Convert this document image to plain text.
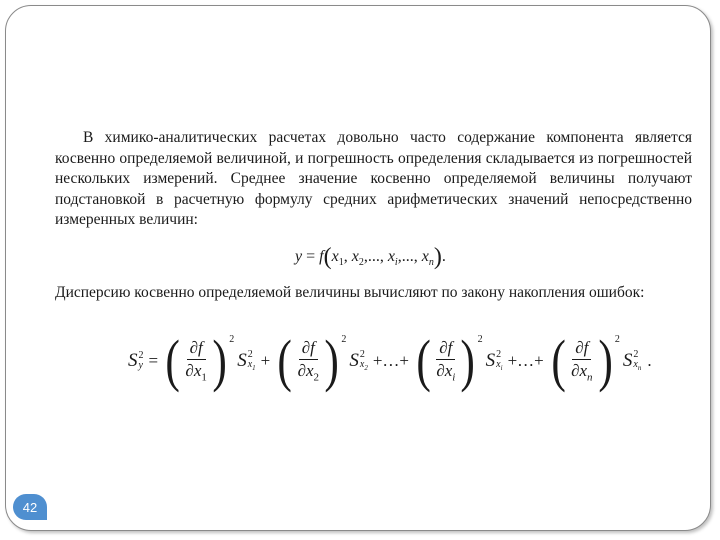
В химико-аналитических расчетах довольно часто содержание компонента является косвенно определяемой величиной, и погрешность определения складывается из погрешностей нескольких измерений. Среднее значение косвенно определяемой величины получают подстановкой в расчетную формулу средних арифметических значений непосредственно измеренных величин:

$y = f(x_1$, $x_2$,..., $x_i$,..., $x_n$).

Дисперсию косвенно определяемой величины вычисляют по закону накопления ошибок:

S 2
y = ( $\frac{\partial f}{\partial x_1}$ ) 2
S 2
$x_1$ + ( $\frac{\partial f}{\partial x_2}$ ) 2
S 2
$x_2$ +…+ ( $\frac{\partial f}{\partial x_i}$ ) 2
S 2
$x_i$ +…+ ( $\frac{\partial f}{\partial x_n}$ ) 2
S 2
$x_n$ .
42
